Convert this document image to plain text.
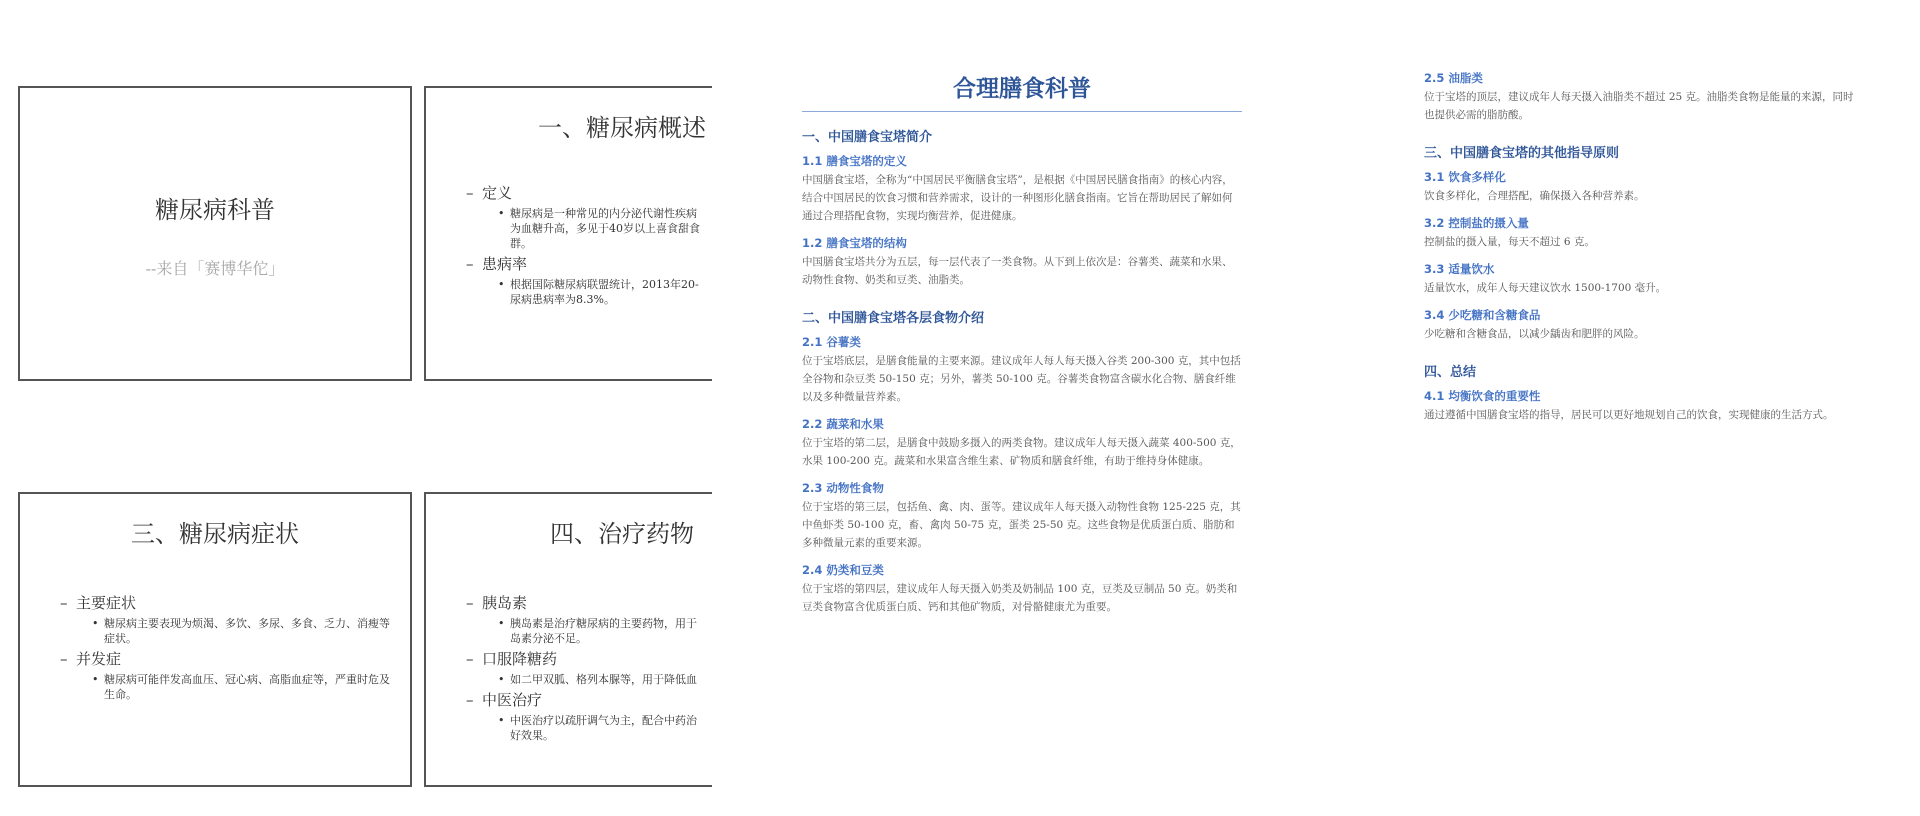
糖尿病科普
--来自「赛博华佗」
一、糖尿病概述
– 定义
• 糖尿病是一种常见的内分泌代谢性疾病
为血糖升高，多见于40岁以上喜食甜食
群。
– 患病率
• 根据国际糖尿病联盟统计，2013年20-
尿病患病率为8.3%。
三、糖尿病症状
– 主要症状
• 糖尿病主要表现为烦渴、多饮、多尿、多食、乏力、消瘦等症状。
– 并发症
• 糖尿病可能伴发高血压、冠心病、高脂血症等，严重时危及生命。
四、治疗药物
– 胰岛素
• 胰岛素是治疗糖尿病的主要药物，用于
岛素分泌不足。
– 口服降糖药
• 如二甲双胍、格列本脲等，用于降低血
– 中医治疗
• 中医治疗以疏肝调气为主，配合中药治
好效果。
合理膳食科普
一、中国膳食宝塔简介
1.1 膳食宝塔的定义

中国膳食宝塔，全称为“中国居民平衡膳食宝塔”，是根据《中国居民膳食指南》的核心内容，结合中国居民的饮食习惯和营养需求，设计的一种图形化膳食指南。它旨在帮助居民了解如何通过合理搭配食物，实现均衡营养，促进健康。

1.2 膳食宝塔的结构

中国膳食宝塔共分为五层，每一层代表了一类食物。从下到上依次是：谷薯类、蔬菜和水果、动物性食物、奶类和豆类、油脂类。

二、中国膳食宝塔各层食物介绍
2.1 谷薯类

位于宝塔底层，是膳食能量的主要来源。建议成年人每人每天摄入谷类 200-300 克，其中包括全谷物和杂豆类 50-150 克；另外，薯类 50-100 克。谷薯类食物富含碳水化合物、膳食纤维以及多种微量营养素。

2.2 蔬菜和水果

位于宝塔的第二层，是膳食中鼓励多摄入的两类食物。建议成年人每天摄入蔬菜 400-500 克，水果 100-200 克。蔬菜和水果富含维生素、矿物质和膳食纤维，有助于维持身体健康。

2.3 动物性食物

位于宝塔的第三层，包括鱼、禽、肉、蛋等。建议成年人每天摄入动物性食物 125-225 克，其中鱼虾类 50-100 克，畜、禽肉 50-75 克，蛋类 25-50 克。这些食物是优质蛋白质、脂肪和多种微量元素的重要来源。

2.4 奶类和豆类

位于宝塔的第四层，建议成年人每天摄入奶类及奶制品 100 克，豆类及豆制品 50 克。奶类和豆类食物富含优质蛋白质、钙和其他矿物质，对骨骼健康尤为重要。

2.5 油脂类

位于宝塔的顶层，建议成年人每天摄入油脂类不超过 25 克。油脂类食物是能量的来源，同时也提供必需的脂肪酸。

三、中国膳食宝塔的其他指导原则
3.1 饮食多样化

饮食多样化，合理搭配，确保摄入各种营养素。

3.2 控制盐的摄入量

控制盐的摄入量，每天不超过 6 克。

3.3 适量饮水

适量饮水，成年人每天建议饮水 1500-1700 毫升。

3.4 少吃糖和含糖食品

少吃糖和含糖食品，以减少龋齿和肥胖的风险。

四、总结
4.1 均衡饮食的重要性

通过遵循中国膳食宝塔的指导，居民可以更好地规划自己的饮食，实现健康的生活方式。
